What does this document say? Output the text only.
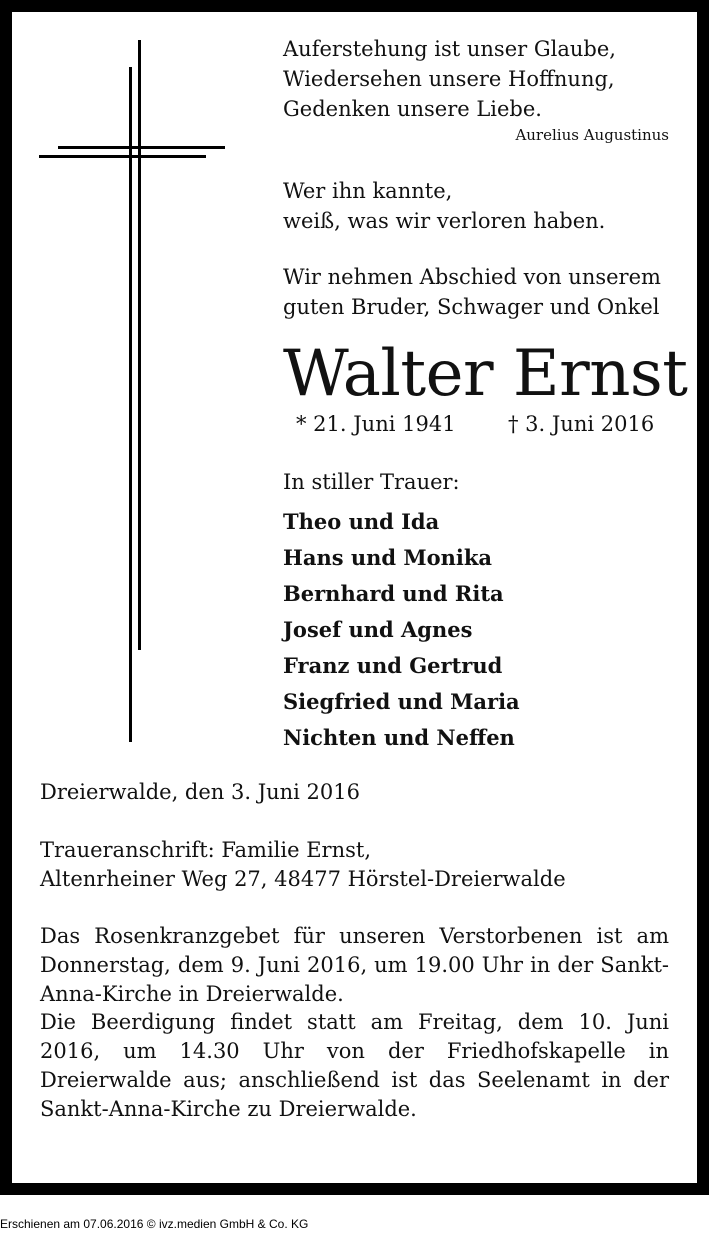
Auferstehung ist unser Glaube,
Wiedersehen unsere Hoffnung,
Gedenken unsere Liebe.
Aurelius Augustinus
Wer ihn kannte,
weiß, was wir verloren haben.
Wir nehmen Abschied von unserem
guten Bruder, Schwager und Onkel
Walter Ernst
* 21. Juni 1941 † 3. Juni 2016
In stiller Trauer:
Theo und Ida
Hans und Monika
Bernhard und Rita
Josef und Agnes
Franz und Gertrud
Siegfried und Maria
Nichten und Neffen
Dreierwalde, den 3. Juni 2016
Traueranschrift: Familie Ernst,
Altenrheiner Weg 27, 48477 Hörstel-Dreierwalde
Das Rosenkranzgebet für unseren Verstorbenen ist am Donnerstag, dem 9. Juni 2016, um 19.00 Uhr in der Sankt-Anna-Kirche in Dreierwalde.
Die Beerdigung findet statt am Freitag, dem 10. Juni 2016, um 14.30 Uhr von der Friedhofskapelle in Dreierwalde aus; anschließend ist das Seelenamt in der Sankt-Anna-Kirche zu Dreierwalde.
Erschienen am 07.06.2016 © ivz.medien GmbH & Co. KG
